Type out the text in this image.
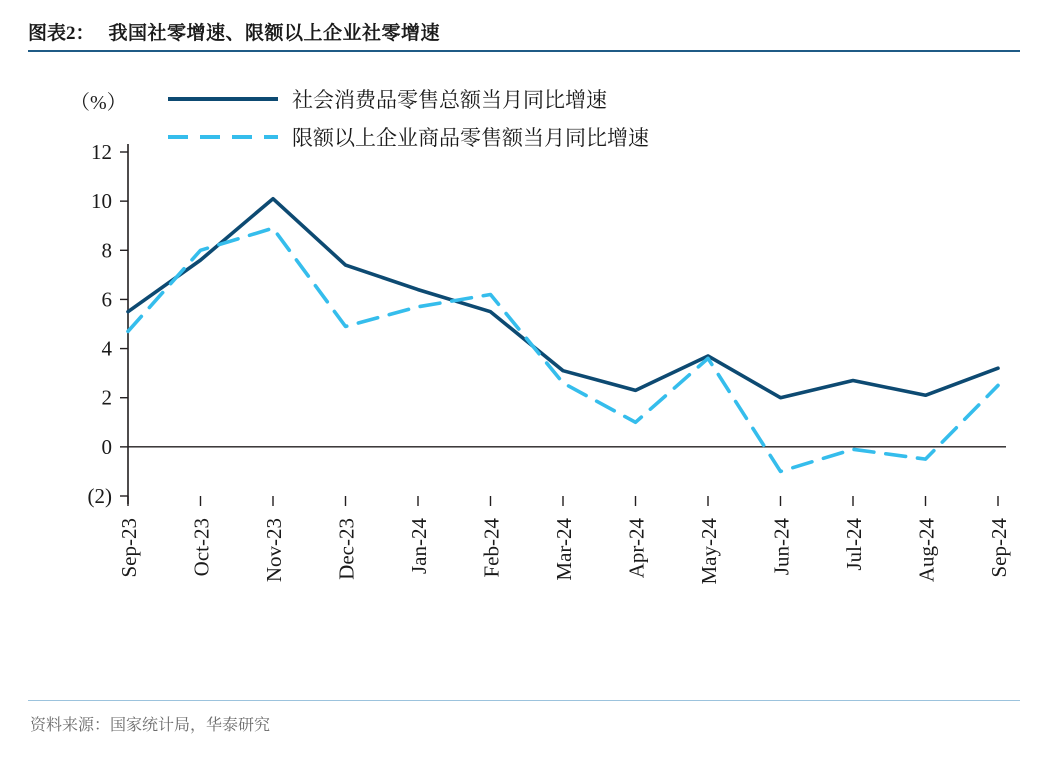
图表2： 我国社零增速、限额以上企业社零增速
（%）	社会消费品零售总额当月同比增速
限额以上企业商品零售额当月同比增速
(2)
0
2
4
6
8
10
12
Sep-23 Oct-23 Nov-23 Dec-23 Jan-24 Feb-24 Mar-24 Apr-24 May-24 Jun-24 Jul-24 Aug-24 Sep-24
资料来源：国家统计局，华泰研究
